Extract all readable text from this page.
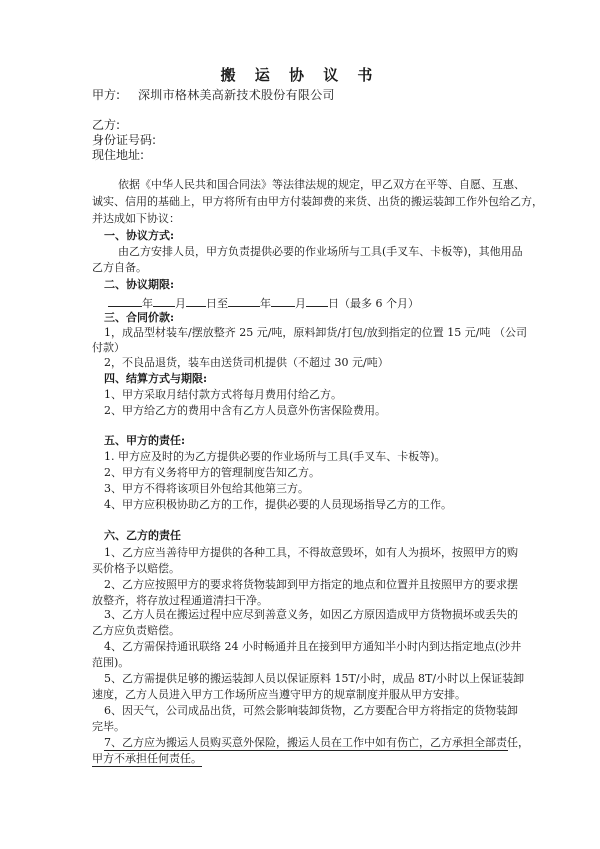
搬 运 协 议 书
甲方: 深圳市格林美高新技术股份有限公司
乙方:
身份证号码:
现住地址:
依据《中华人民共和国合同法》等法律法规的规定，甲乙双方在平等、自愿、互惠、
诚实、信用的基础上，甲方将所有由甲方付装卸费的来货、出货的搬运装卸工作外包给乙方，
并达成如下协议：
一、协议方式:
由乙方安排人员，甲方负责提供必要的作业场所与工具(手叉车、卡板等)，其他用品
乙方自备。
二、协议期限:
年 月 日至	年 月 日（最多 6 个月）
三、合同价款:
1，成品型材装车/摆放整齐 25 元/吨，原料卸货/打包/放到指定的位置 15 元/吨 （公司
付款）
2，不良品退货，装车由送货司机提供（不超过 30 元/吨）
四、结算方式与期限:
1、甲方采取月结付款方式将每月费用付给乙方。
2、甲方给乙方的费用中含有乙方人员意外伤害保险费用。
五、甲方的责任:
1. 甲方应及时的为乙方提供必要的作业场所与工具(手叉车、卡板等)。
2、甲方有义务将甲方的管理制度告知乙方。
3、甲方不得将该项目外包给其他第三方。
4、甲方应积极协助乙方的工作，提供必要的人员现场指导乙方的工作。
六、乙方的责任
1、乙方应当善待甲方提供的各种工具，不得故意毁坏，如有人为损坏，按照甲方的购
买价格予以赔偿。
2、乙方应按照甲方的要求将货物装卸到甲方指定的地点和位置并且按照甲方的要求摆
放整齐，将存放过程通道清扫干净。
3、乙方人员在搬运过程中应尽到善意义务，如因乙方原因造成甲方货物损坏或丢失的
乙方应负责赔偿。
4、乙方需保持通讯联络 24 小时畅通并且在接到甲方通知半小时内到达指定地点(沙井
范围)。
5、乙方需提供足够的搬运装卸人员以保证原料 15T/小时，成品 8T/小时以上保证装卸
速度，乙方人员进入甲方工作场所应当遵守甲方的规章制度并服从甲方安排。
6、因天气，公司成品出货，可然会影响装卸货物，乙方要配合甲方将指定的货物装卸
完毕。
7、乙方应为搬运人员购买意外保险，搬运人员在工作中如有伤亡，乙方承担全部责任，
甲方不承担任何责任。
